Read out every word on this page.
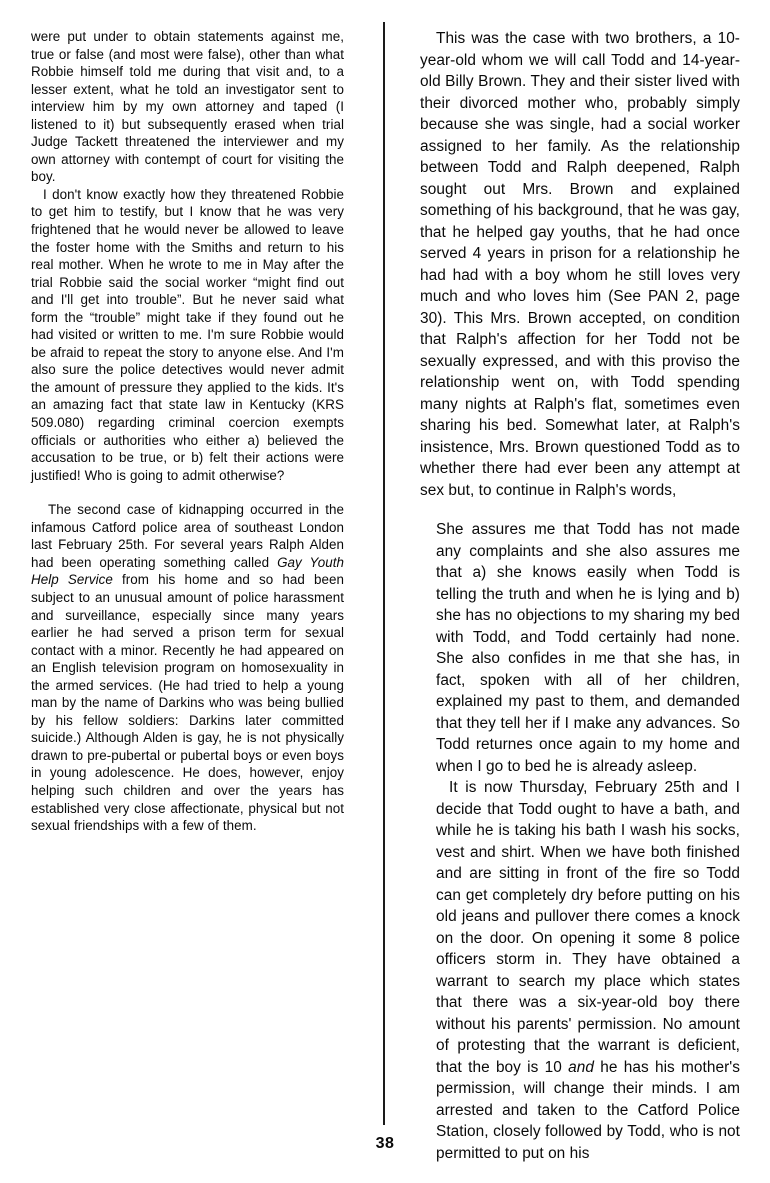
were put under to obtain statements against me, true or false (and most were false), other than what Robbie himself told me during that visit and, to a lesser extent, what he told an investigator sent to interview him by my own attorney and taped (I listened to it) but subsequently erased when trial Judge Tackett threatened the interviewer and my own attorney with contempt of court for visiting the boy.

I don't know exactly how they threatened Robbie to get him to testify, but I know that he was very frightened that he would never be allowed to leave the foster home with the Smiths and return to his real mother. When he wrote to me in May after the trial Robbie said the social worker “might find out and I'll get into trouble”. But he never said what form the “trouble” might take if they found out he had visited or written to me. I'm sure Robbie would be afraid to repeat the story to anyone else. And I'm also sure the police detectives would never admit the amount of pressure they applied to the kids. It's an amazing fact that state law in Kentucky (KRS 509.080) regarding criminal coercion exempts officials or authorities who either a) believed the accusation to be true, or b) felt their actions were justified! Who is going to admit otherwise?

The second case of kidnapping occurred in the infamous Catford police area of southeast London last February 25th. For several years Ralph Alden had been operating something called Gay Youth Help Service from his home and so had been subject to an unusual amount of police harassment and surveillance, especially since many years earlier he had served a prison term for sexual contact with a minor. Recently he had appeared on an English television program on homosexuality in the armed services. (He had tried to help a young man by the name of Darkins who was being bullied by his fellow soldiers: Darkins later committed suicide.) Although Alden is gay, he is not physically drawn to pre-pubertal or pubertal boys or even boys in young adolescence. He does, however, enjoy helping such children and over the years has established very close affectionate, physical but not sexual friendships with a few of them.

This was the case with two brothers, a 10-year-old whom we will call Todd and 14-year-old Billy Brown. They and their sister lived with their divorced mother who, probably simply because she was single, had a social worker assigned to her family. As the relationship between Todd and Ralph deepened, Ralph sought out Mrs. Brown and explained something of his background, that he was gay, that he helped gay youths, that he had once served 4 years in prison for a relationship he had had with a boy whom he still loves very much and who loves him (See PAN 2, page 30). This Mrs. Brown accepted, on condition that Ralph's affection for her Todd not be sexually expressed, and with this proviso the relationship went on, with Todd spending many nights at Ralph's flat, sometimes even sharing his bed. Somewhat later, at Ralph's insistence, Mrs. Brown questioned Todd as to whether there had ever been any attempt at sex but, to continue in Ralph's words,

She assures me that Todd has not made any complaints and she also assures me that a) she knows easily when Todd is telling the truth and when he is lying and b) she has no objections to my sharing my bed with Todd, and Todd certainly had none. She also confides in me that she has, in fact, spoken with all of her children, explained my past to them, and demanded that they tell her if I make any advances. So Todd returnes once again to my home and when I go to bed he is already asleep.

It is now Thursday, February 25th and I decide that Todd ought to have a bath, and while he is taking his bath I wash his socks, vest and shirt. When we have both finished and are sitting in front of the fire so Todd can get completely dry before putting on his old jeans and pullover there comes a knock on the door. On opening it some 8 police officers storm in. They have obtained a warrant to search my place which states that there was a six-year-old boy there without his parents' permission. No amount of protesting that the warrant is deficient, that the boy is 10 and he has his mother's permission, will change their minds. I am arrested and taken to the Catford Police Station, closely followed by Todd, who is not permitted to put on his

38
